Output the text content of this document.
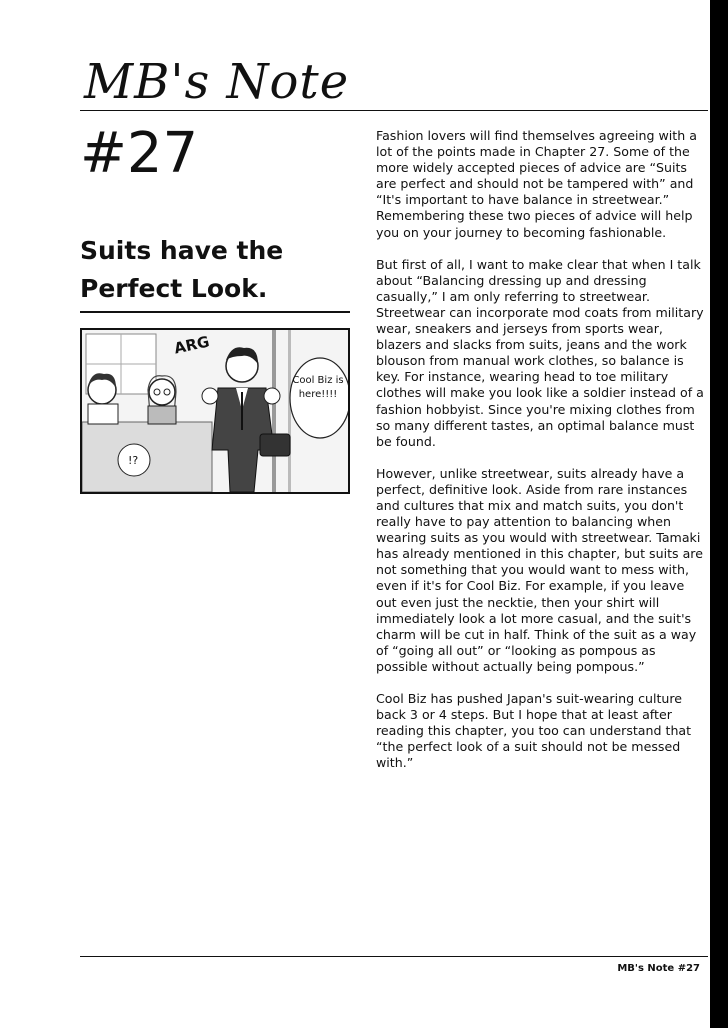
MB's Note
#27
Suits have the Perfect Look.
ARG
Cool Biz is here!!!!
!?

Fashion lovers will find themselves agreeing with a lot of the points made in Chapter 27. Some of the more widely accepted pieces of advice are “Suits are perfect and should not be tampered with” and “It's important to have balance in streetwear.” Remembering these two pieces of advice will help you on your journey to becoming fashionable.

But first of all, I want to make clear that when I talk about “Balancing dressing up and dressing casually,” I am only referring to streetwear.

Streetwear can incorporate mod coats from military wear, sneakers and jerseys from sports wear, blazers and slacks from suits, jeans and the work blouson from manual work clothes, so balance is key. For instance, wearing head to toe military clothes will make you look like a soldier instead of a fashion hobbyist. Since you're mixing clothes from so many different tastes, an optimal balance must be found.

However, unlike streetwear, suits already have a perfect, definitive look. Aside from rare instances and cultures that mix and match suits, you don't really have to pay attention to balancing when wearing suits as you would with streetwear. Tamaki has already mentioned in this chapter, but suits are not something that you would want to mess with, even if it's for Cool Biz. For example, if you leave out even just the necktie, then your shirt will immediately look a lot more casual, and the suit's charm will be cut in half. Think of the suit as a way of “going all out” or “looking as pompous as possible without actually being pompous.”

Cool Biz has pushed Japan's suit-wearing culture back 3 or 4 steps. But I hope that at least after reading this chapter, you too can understand that “the perfect look of a suit should not be messed with.”

MB's Note #27
